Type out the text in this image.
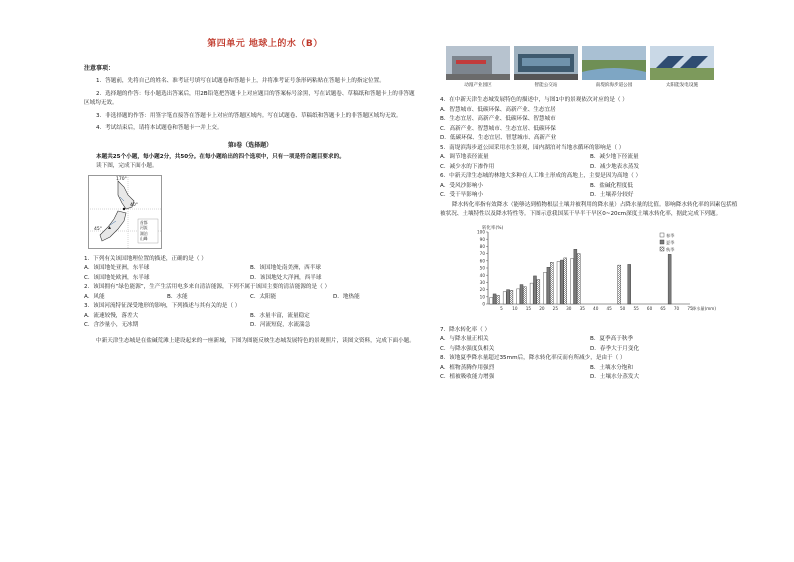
第四单元 地球上的水（B）
注意事项：

1．答题前，先将自己的姓名、准考证号填写在试题卷和答题卡上，并将准考证号条形码粘贴在答题卡上的指定位置。

2．选择题的作答：每小题选出答案后，用2B铅笔把答题卡上对应题目的答案标号涂黑，写在试题卷、草稿纸和答题卡上的非答题区域均无效。

3．非选择题的作答：用签字笔直接答在答题卡上对应的答题区域内。写在试题卷、草稿纸和答题卡上的非答题区域均无效。

4．考试结束后，请将本试题卷和答题卡一并上交。

第Ⅰ卷（选择题）

本题共25个小题，每小题2分，共50分。在每小题给出的四个选项中，只有一项是符合题目要求的。

读下图，完成下面小题。

170°
40°
45°
首都
河流
湖泊
山峰

1．下列有关该国地理位置的描述，正确的是（ ）

A．该国地处亚洲，东半球	B．该国地处南美洲，西半球
C．该国地处欧洲，东半球	D．该国地处大洋洲，西半球

2．该国拥有“绿色能源”，生产生活用电多来自清洁能源，下列不属于该国主要的清洁能源的是（ ）

A．风能	B．水能	C．太阳能	D．地热能

3．该国河流特征深受地形的影响，下列描述与其有关的是（ ）

A．流速较慢，落差大	B．水量丰富，流量稳定
C．含沙量小，无冰期	D．河流短促，水流湍急

中新天津生态城是在盐碱荒滩上建设起来的一座新城，下图为图能反映生态城发展特色的景观照片，读图文资料，完成下面小题。

动漫产业园区	智能公交站	南堤滨海步道公园	太阳能发电设施

4．在中新天津生态城发展特色的描述中，与图1中的景观依次对应的是（ ）

A．智慧城市、低碳环保、高新产业、生态宜居
B．生态宜居、高新产业、低碳环保、智慧城市
C．高新产业、智慧城市、生态宜居、低碳环保
D．低碳环保、生态宜居、智慧城市、高新产业

5．南堤滨海步道公园采用水生景观，园内湖泊对当地水循环的影响是（ ）

A．调节地表径流量	B．减少地下径流量
C．减少水的下渗作用	D．减少地表水蒸发

6．中新天津生态城的林地大多种在人工堆土形成的高地上，主要是因为高地（ ）

A．受风沙影响小	B．盐碱化程度低
C．受干旱影响小	D．土壤养分较好

降水转化率指有效降水（能够达到植物根层土壤并被利用的降水量）占降水量的比值。影响降水转化率的因素包括植被状况、土壤特性以及降水特性等。下图示意我国某干旱半干旱区0~20cm深度土壤水转化率，据此完成下列题。

0
10
20
30
40
50
60
70
80
90
100
转化率(%)
5 10 15 20 25 30 35 40 45 50 55 60 65 70 75 降水量(mm)
春季
夏季
秋季

7．降水转化率（ ）

A．与降水量正相关	B．夏季高于秋季
C．与降水强度负相关	D．春季大于月变化

8．该地夏季降水量超过35mm后，降水转化率反而有所减少，是由于（ ）

A．植物蒸腾作用强烈	B．土壤水分饱和
C．植被吸收能力增强	D．土壤水分蒸发大
